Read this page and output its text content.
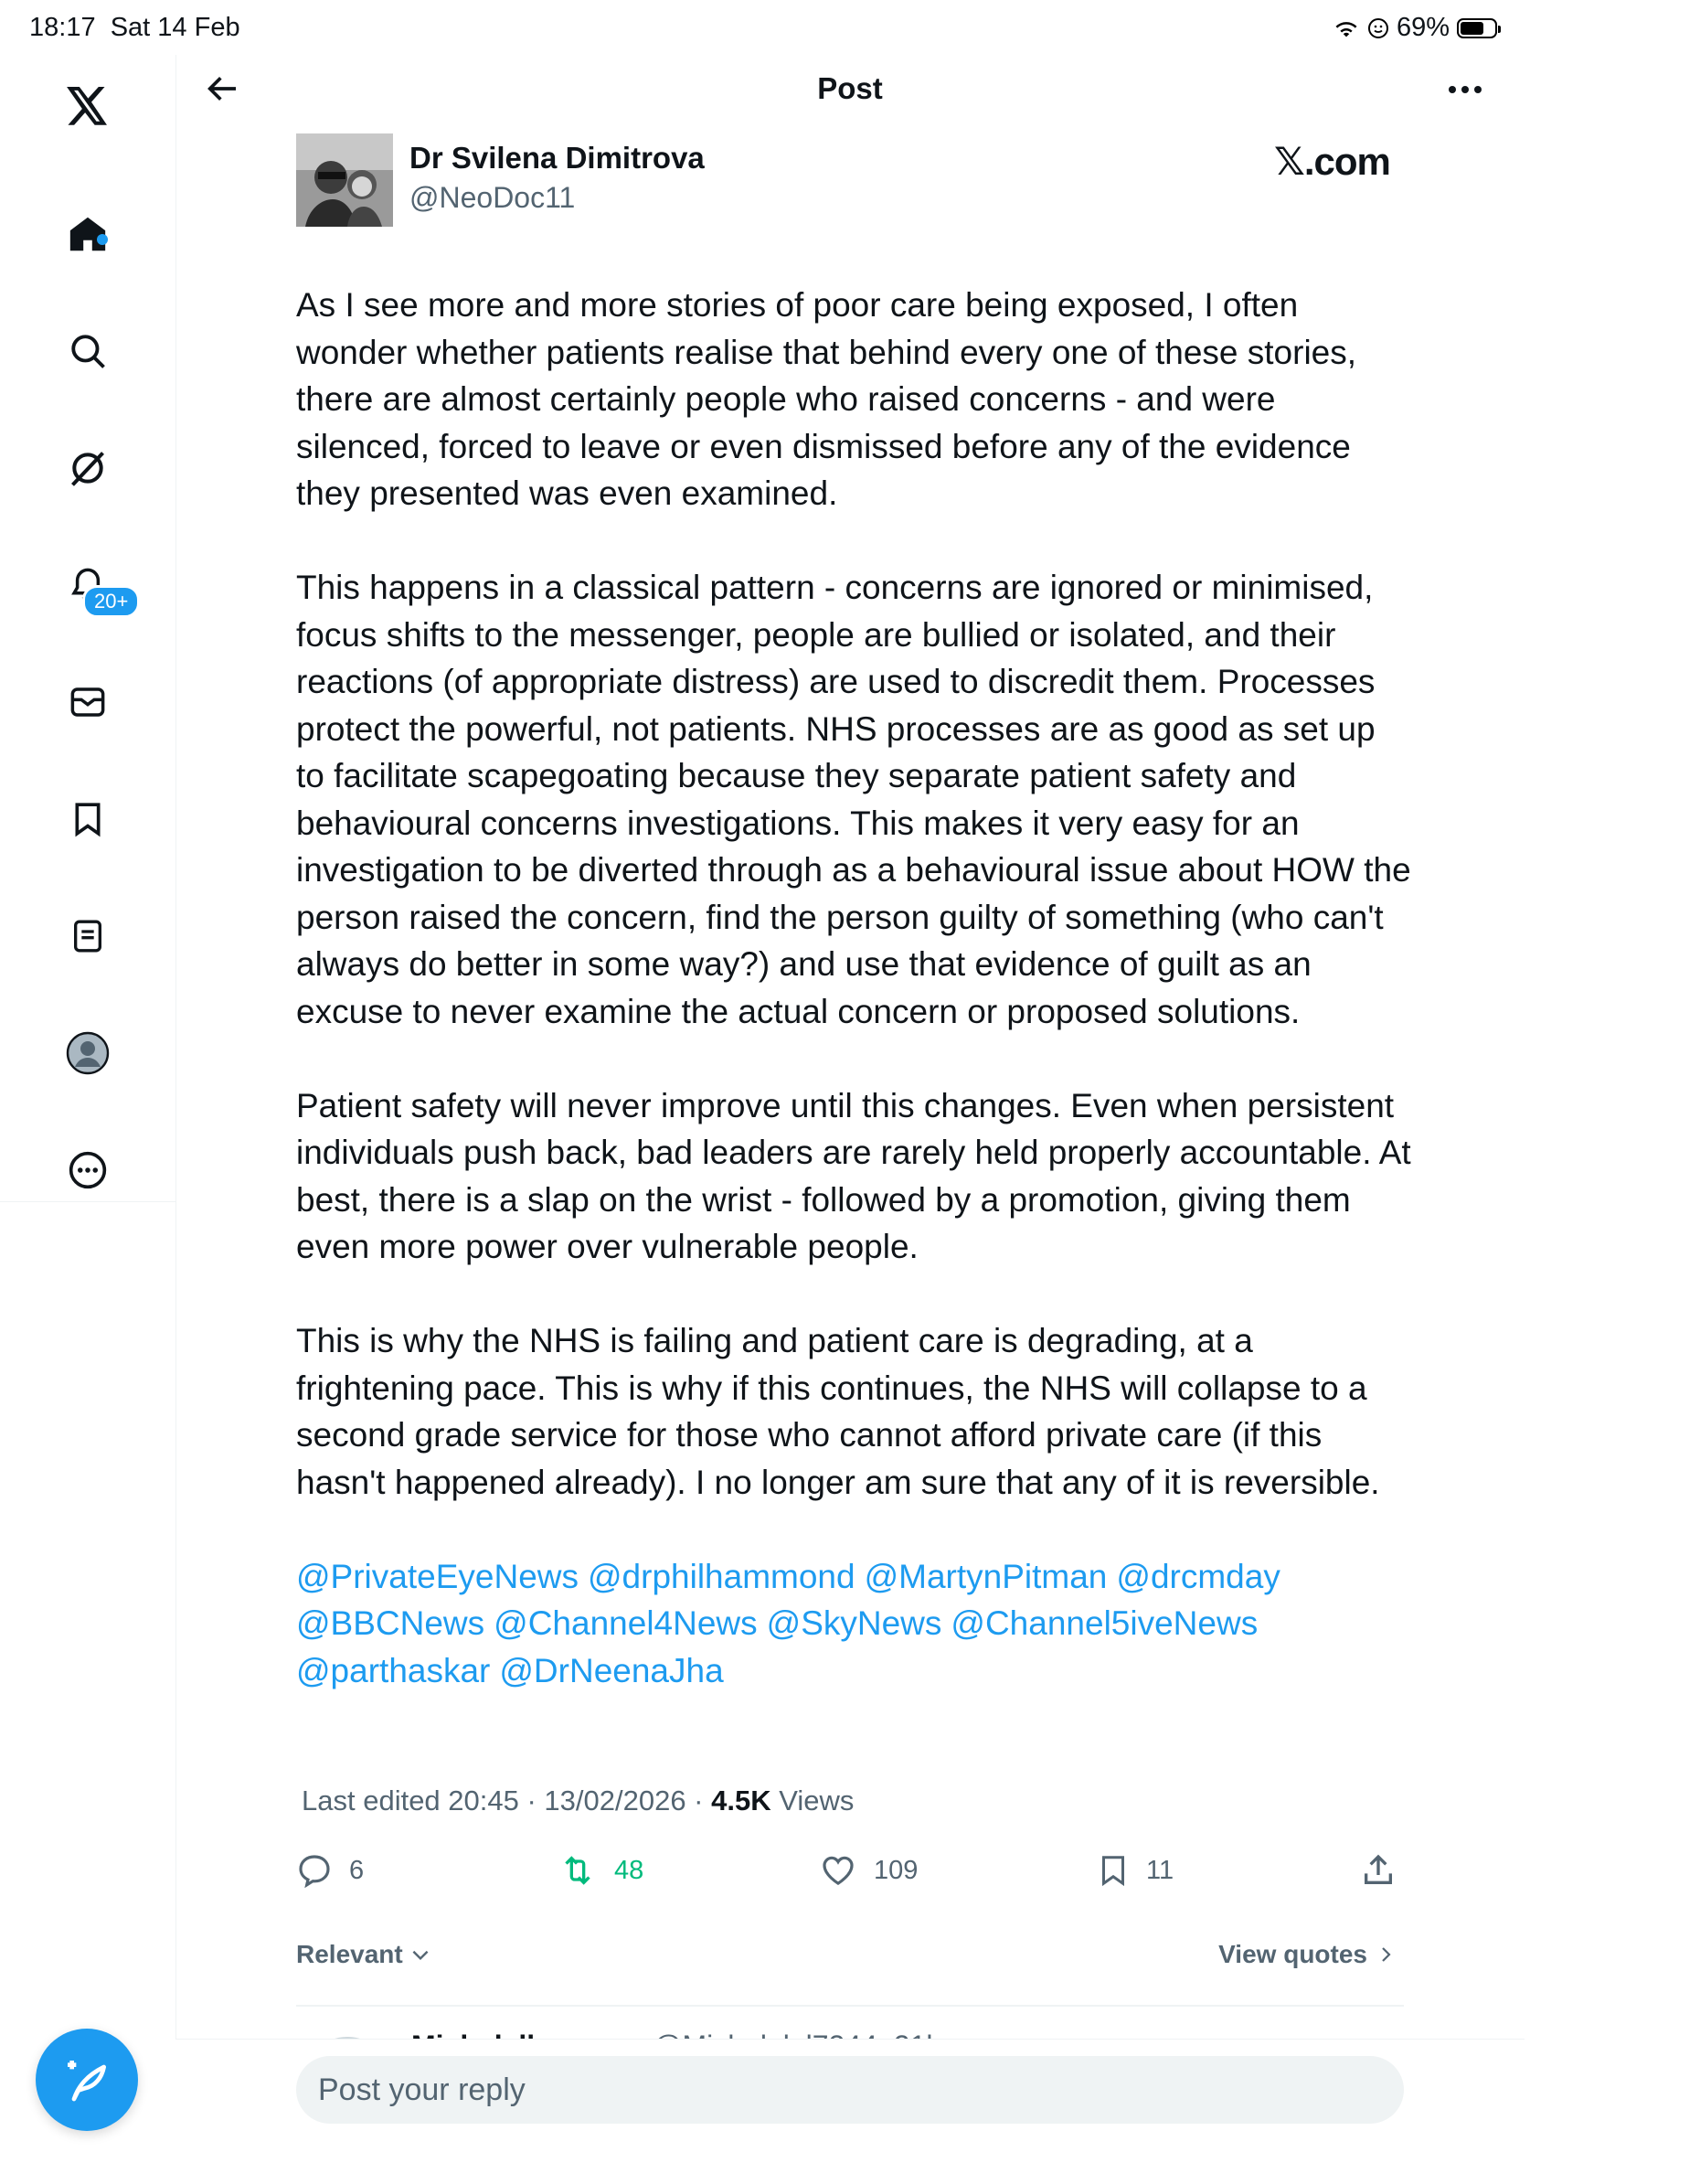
18:17 Sat 14 Feb	69%
20+
Post
Dr Svilena Dimitrova
@NeoDoc11
𝕏.com

As I see more and more stories of poor care being exposed, I often wonder whether patients realise that behind every one of these stories, there are almost certainly people who raised concerns - and were silenced, forced to leave or even dismissed before any of the evidence they presented was even examined.

This happens in a classical pattern - concerns are ignored or minimised, focus shifts to the messenger, people are bullied or isolated, and their reactions (of appropriate distress) are used to discredit them. Processes protect the powerful, not patients. NHS processes are as good as set up to facilitate scapegoating because they separate patient safety and behavioural concerns investigations. This makes it very easy for an investigation to be diverted through as a behavioural issue about HOW the person raised the concern, find the person guilty of something (who can't always do better in some way?) and use that evidence of guilt as an excuse to never examine the actual concern or proposed solutions.

Patient safety will never improve until this changes. Even when persistent individuals push back, bad leaders are rarely held properly accountable. At best, there is a slap on the wrist - followed by a promotion, giving them even more power over vulnerable people.

This is why the NHS is failing and patient care is degrading, at a frightening pace. This is why if this continues, the NHS will collapse to a second grade service for those who cannot afford private care (if this hasn't happened already). I no longer am sure that any of it is reversible.

@PrivateEyeNews @drphilhammond @MartynPitman @drcmday
@BBCNews @Channel4News @SkyNews @Channel5iveNews
@parthaskar @DrNeenaJha
Last edited 20:45 · 13/02/2026 · 4.5K Views
6	48	109	11
Relevant	View quotes
Post your reply
